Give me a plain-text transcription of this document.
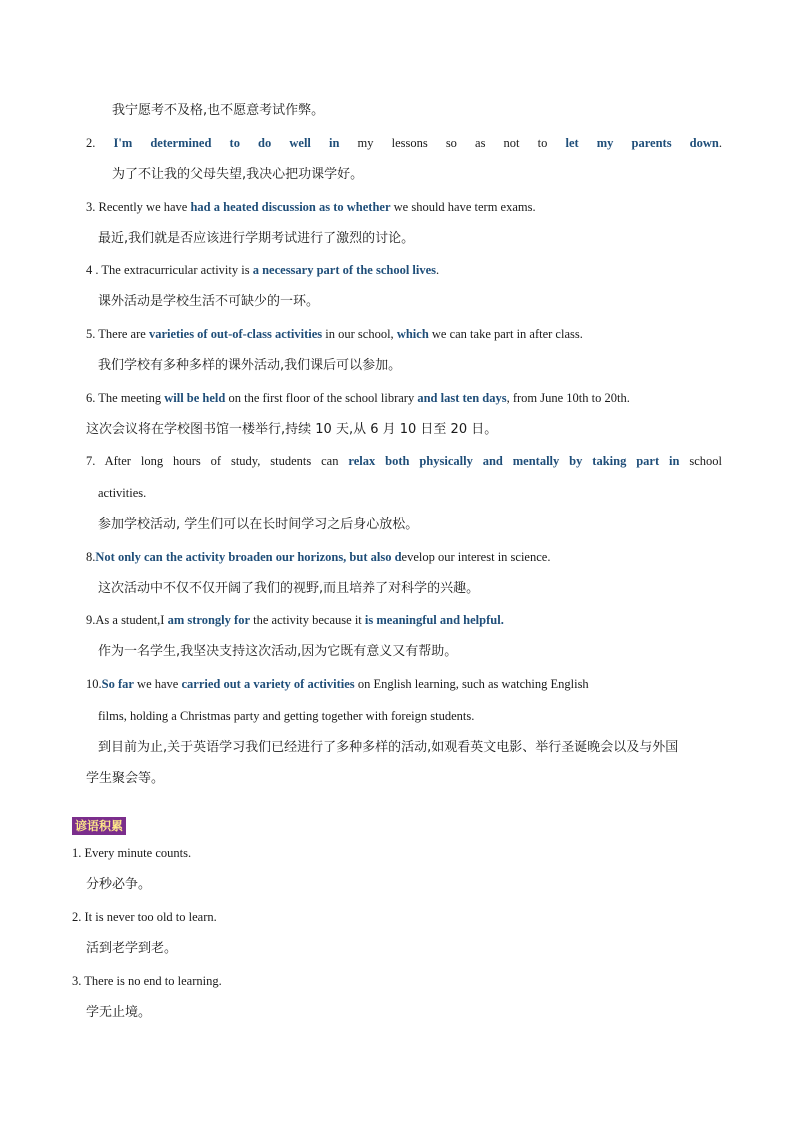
我宁愿考不及格,也不愿意考试作弊。
2. I'm determined to do well in my lessons so as not to let my parents down.
为了不让我的父母失望,我决心把功课学好。
3. Recently we have had a heated discussion as to whether we should have term exams.
最近,我们就是否应该进行学期考试进行了激烈的讨论。
4 . The extracurricular activity is a necessary part of the school lives.
课外活动是学校生活不可缺少的一环。
5. There are varieties of out-of-class activities in our school, which we can take part in after class.
我们学校有多种多样的课外活动,我们课后可以参加。
6. The meeting will be held on the first floor of the school library and last ten days, from June 10th to 20th.
这次会议将在学校图书馆一楼举行,持续 10 天,从 6 月 10 日至 20 日。
7. After long hours of study, students can relax both physically and mentally by taking part in school
activities.
参加学校活动, 学生们可以在长时间学习之后身心放松。
8.Not only can the activity broaden our horizons, but also develop our interest in science.
这次活动中不仅不仅开阔了我们的视野,而且培养了对科学的兴趣。
9.As a student,I am strongly for the activity because it is meaningful and helpful.
作为一名学生,我坚决支持这次活动,因为它既有意义又有帮助。
10.So far we have carried out a variety of activities on English learning, such as watching English
films, holding a Christmas party and getting together with foreign students.
到目前为止,关于英语学习我们已经进行了多种多样的活动,如观看英文电影、举行圣诞晚会以及与外国
学生聚会等。
谚语积累
1. Every minute counts.
分秒必争。
2. It is never too old to learn.
活到老学到老。
3. There is no end to learning.
学无止境。
